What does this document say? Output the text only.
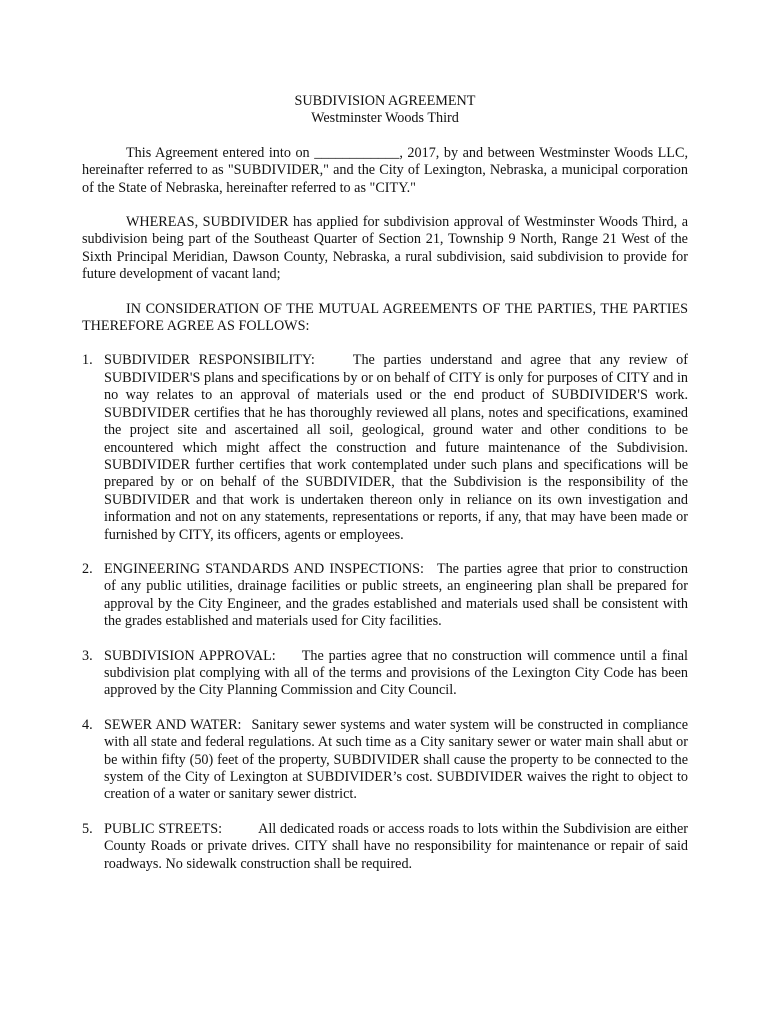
SUBDIVISION AGREEMENT
Westminster Woods Third

This Agreement entered into on ____________, 2017, by and between Westminster Woods LLC, hereinafter referred to as "SUBDIVIDER," and the City of Lexington, Nebraska, a municipal corporation of the State of Nebraska, hereinafter referred to as "CITY."

WHEREAS, SUBDIVIDER has applied for subdivision approval of Westminster Woods Third, a subdivision being part of the Southeast Quarter of Section 21, Township 9 North, Range 21 West of the Sixth Principal Meridian, Dawson County, Nebraska, a rural subdivision, said subdivision to provide for future development of vacant land;

IN CONSIDERATION OF THE MUTUAL AGREEMENTS OF THE PARTIES, THE PARTIES THEREFORE AGREE AS FOLLOWS:

1. SUBDIVIDER RESPONSIBILITY:	The parties understand and agree that any review of SUBDIVIDER'S plans and specifications by or on behalf of CITY is only for purposes of CITY and in no way relates to an approval of materials used or the end product of SUBDIVIDER'S work. SUBDIVIDER certifies that he has thoroughly reviewed all plans, notes and specifications, examined the project site and ascertained all soil, geological, ground water and other conditions to be encountered which might affect the construction and future maintenance of the Subdivision. SUBDIVIDER further certifies that work contemplated under such plans and specifications will be prepared by or on behalf of the SUBDIVIDER, that the Subdivision is the responsibility of the SUBDIVIDER and that work is undertaken thereon only in reliance on its own investigation and information and not on any statements, representations or reports, if any, that may have been made or furnished by CITY, its officers, agents or employees.
2. ENGINEERING STANDARDS AND INSPECTIONS: The parties agree that prior to construction of any public utilities, drainage facilities or public streets, an engineering plan shall be prepared for approval by the City Engineer, and the grades established and materials used shall be consistent with the grades established and materials used for City facilities.
3. SUBDIVISION APPROVAL: The parties agree that no construction will commence until a final subdivision plat complying with all of the terms and provisions of the Lexington City Code has been approved by the City Planning Commission and City Council.
4. SEWER AND WATER: Sanitary sewer systems and water system will be constructed in compliance with all state and federal regulations. At such time as a City sanitary sewer or water main shall abut or be within fifty (50) feet of the property, SUBDIVIDER shall cause the property to be connected to the system of the City of Lexington at SUBDIVIDER’s cost. SUBDIVIDER waives the right to object to creation of a water or sanitary sewer district.
5. PUBLIC STREETS:	All dedicated roads or access roads to lots within the Subdivision are either County Roads or private drives. CITY shall have no responsibility for maintenance or repair of said roadways. No sidewalk construction shall be required.
